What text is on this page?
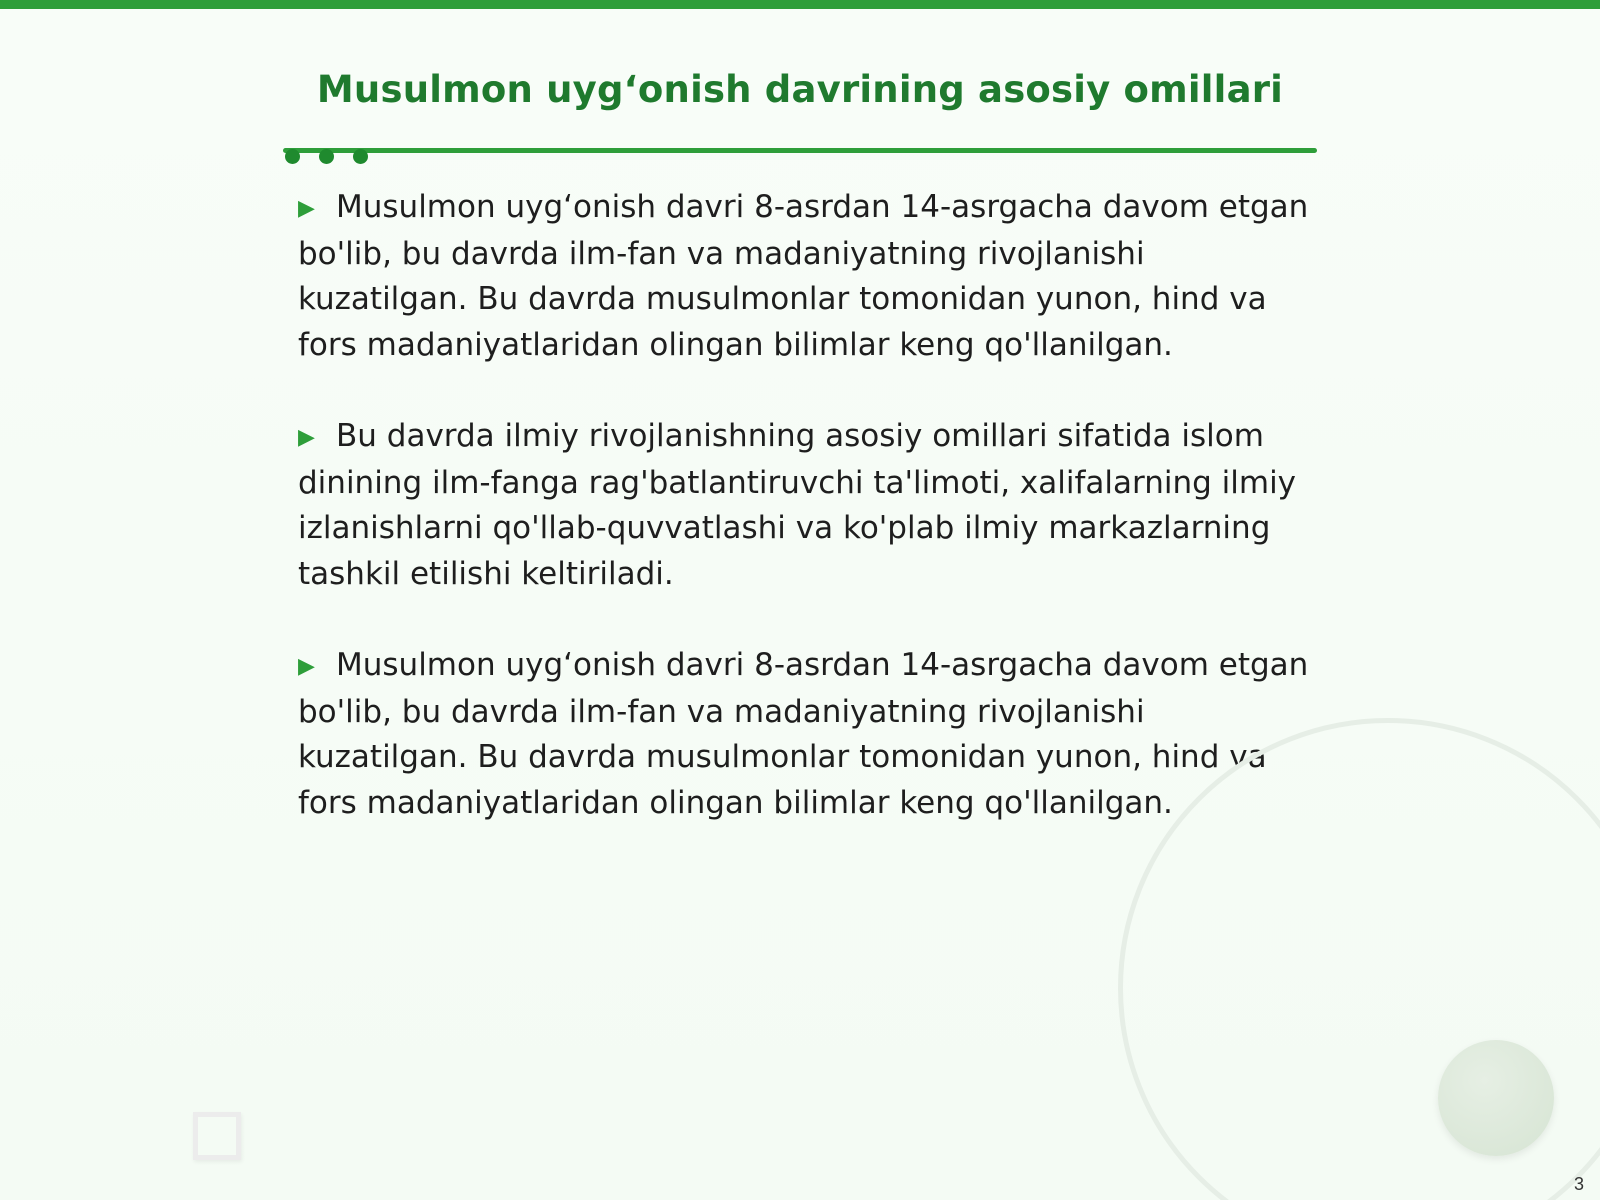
Musulmon uyg‘onish davrining asosiy omillari

▶ Musulmon uyg‘onish davri 8-asrdan 14-asrgacha davom etgan bo'lib, bu davrda ilm-fan va madaniyatning rivojlanishi kuzatilgan. Bu davrda musulmonlar tomonidan yunon, hind va fors madaniyatlaridan olingan bilimlar keng qo'llanilgan.

▶ Bu davrda ilmiy rivojlanishning asosiy omillari sifatida islom dinining ilm-fanga rag'batlantiruvchi ta'limoti, xalifalarning ilmiy izlanishlarni qo'llab-quvvatlashi va ko'plab ilmiy markazlarning tashkil etilishi keltiriladi.

▶ Musulmon uyg‘onish davri 8-asrdan 14-asrgacha davom etgan bo'lib, bu davrda ilm-fan va madaniyatning rivojlanishi kuzatilgan. Bu davrda musulmonlar tomonidan yunon, hind va fors madaniyatlaridan olingan bilimlar keng qo'llanilgan.

3
